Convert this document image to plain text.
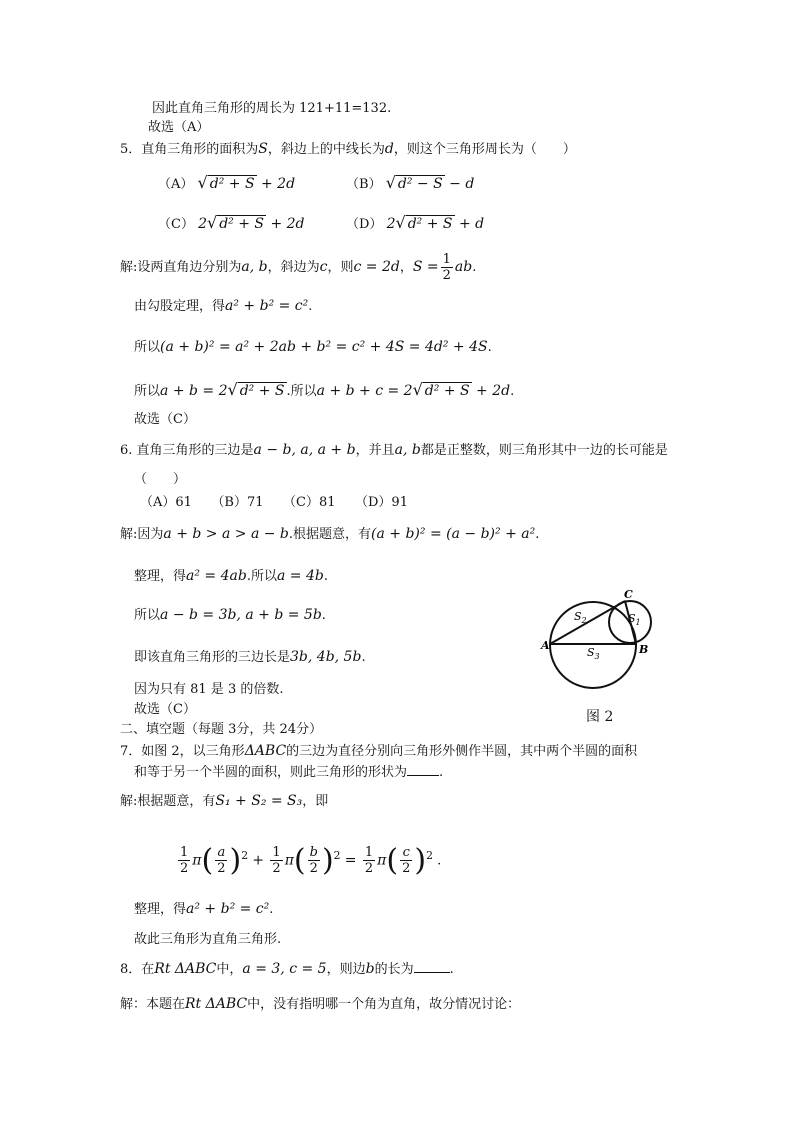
因此直角三角形的周长为 121+11=132.
故选（A）
5．直角三角形的面积为S，斜边上的中线长为d，则这个三角形周长为（　　）
（A） √ d² + S + 2d	（B） √ d² − S − d
（C） 2√ d² + S + 2d	（D） 2√ d² + S + d
解:设两直角边分别为a, b，斜边为c，则c = 2d，$S = \frac{1}{2}$ ab.
由勾股定理，得a² + b² = c².
所以(a + b)² = a² + 2ab + b² = c² + 4S = 4d² + 4S.
所以a + b = 2√ d² + S .所以a + b + c = 2√ d² + S + 2d.
故选（C）
6. 直角三角形的三边是a − b, a, a + b，并且a, b都是正整数，则三角形其中一边的长可能是
（　　）
（A）61　　（B）71　　（C）81　　（D）91
解:因为a + b > a > a − b.根据题意，有(a + b)² = (a − b)² + a².
整理，得a² = 4ab.所以a = 4b.
所以a − b = 3b, a + b = 5b.
即该直角三角形的三边长是3b, 4b, 5b.
因为只有 81 是 3 的倍数.
故选（C）
二、填空题（每题 3分，共 24分）
7．如图 2，以三角形ΔABC的三边为直径分别向三角形外侧作半圆，其中两个半圆的面积
和等于另一个半圆的面积，则此三角形的形状为 .
解:根据题意，有S₁ + S₂ = S₃，即
$\frac{1}{2} \pi( \frac{a}{2} )^2 + \frac{1}{2} \pi( \frac{b}{2} )^2 = \frac{1}{2} \pi( \frac{c}{2} )^2$ .
整理，得a² + b² = c².
故此三角形为直角三角形.
8．在Rt ΔABC中，a = 3, c = 5，则边b的长为	.
解：本题在Rt ΔABC中，没有指明哪一个角为直角，故分情况讨论：
A	B
C
$S_2$	$S_1$
$S_3$
图 2
